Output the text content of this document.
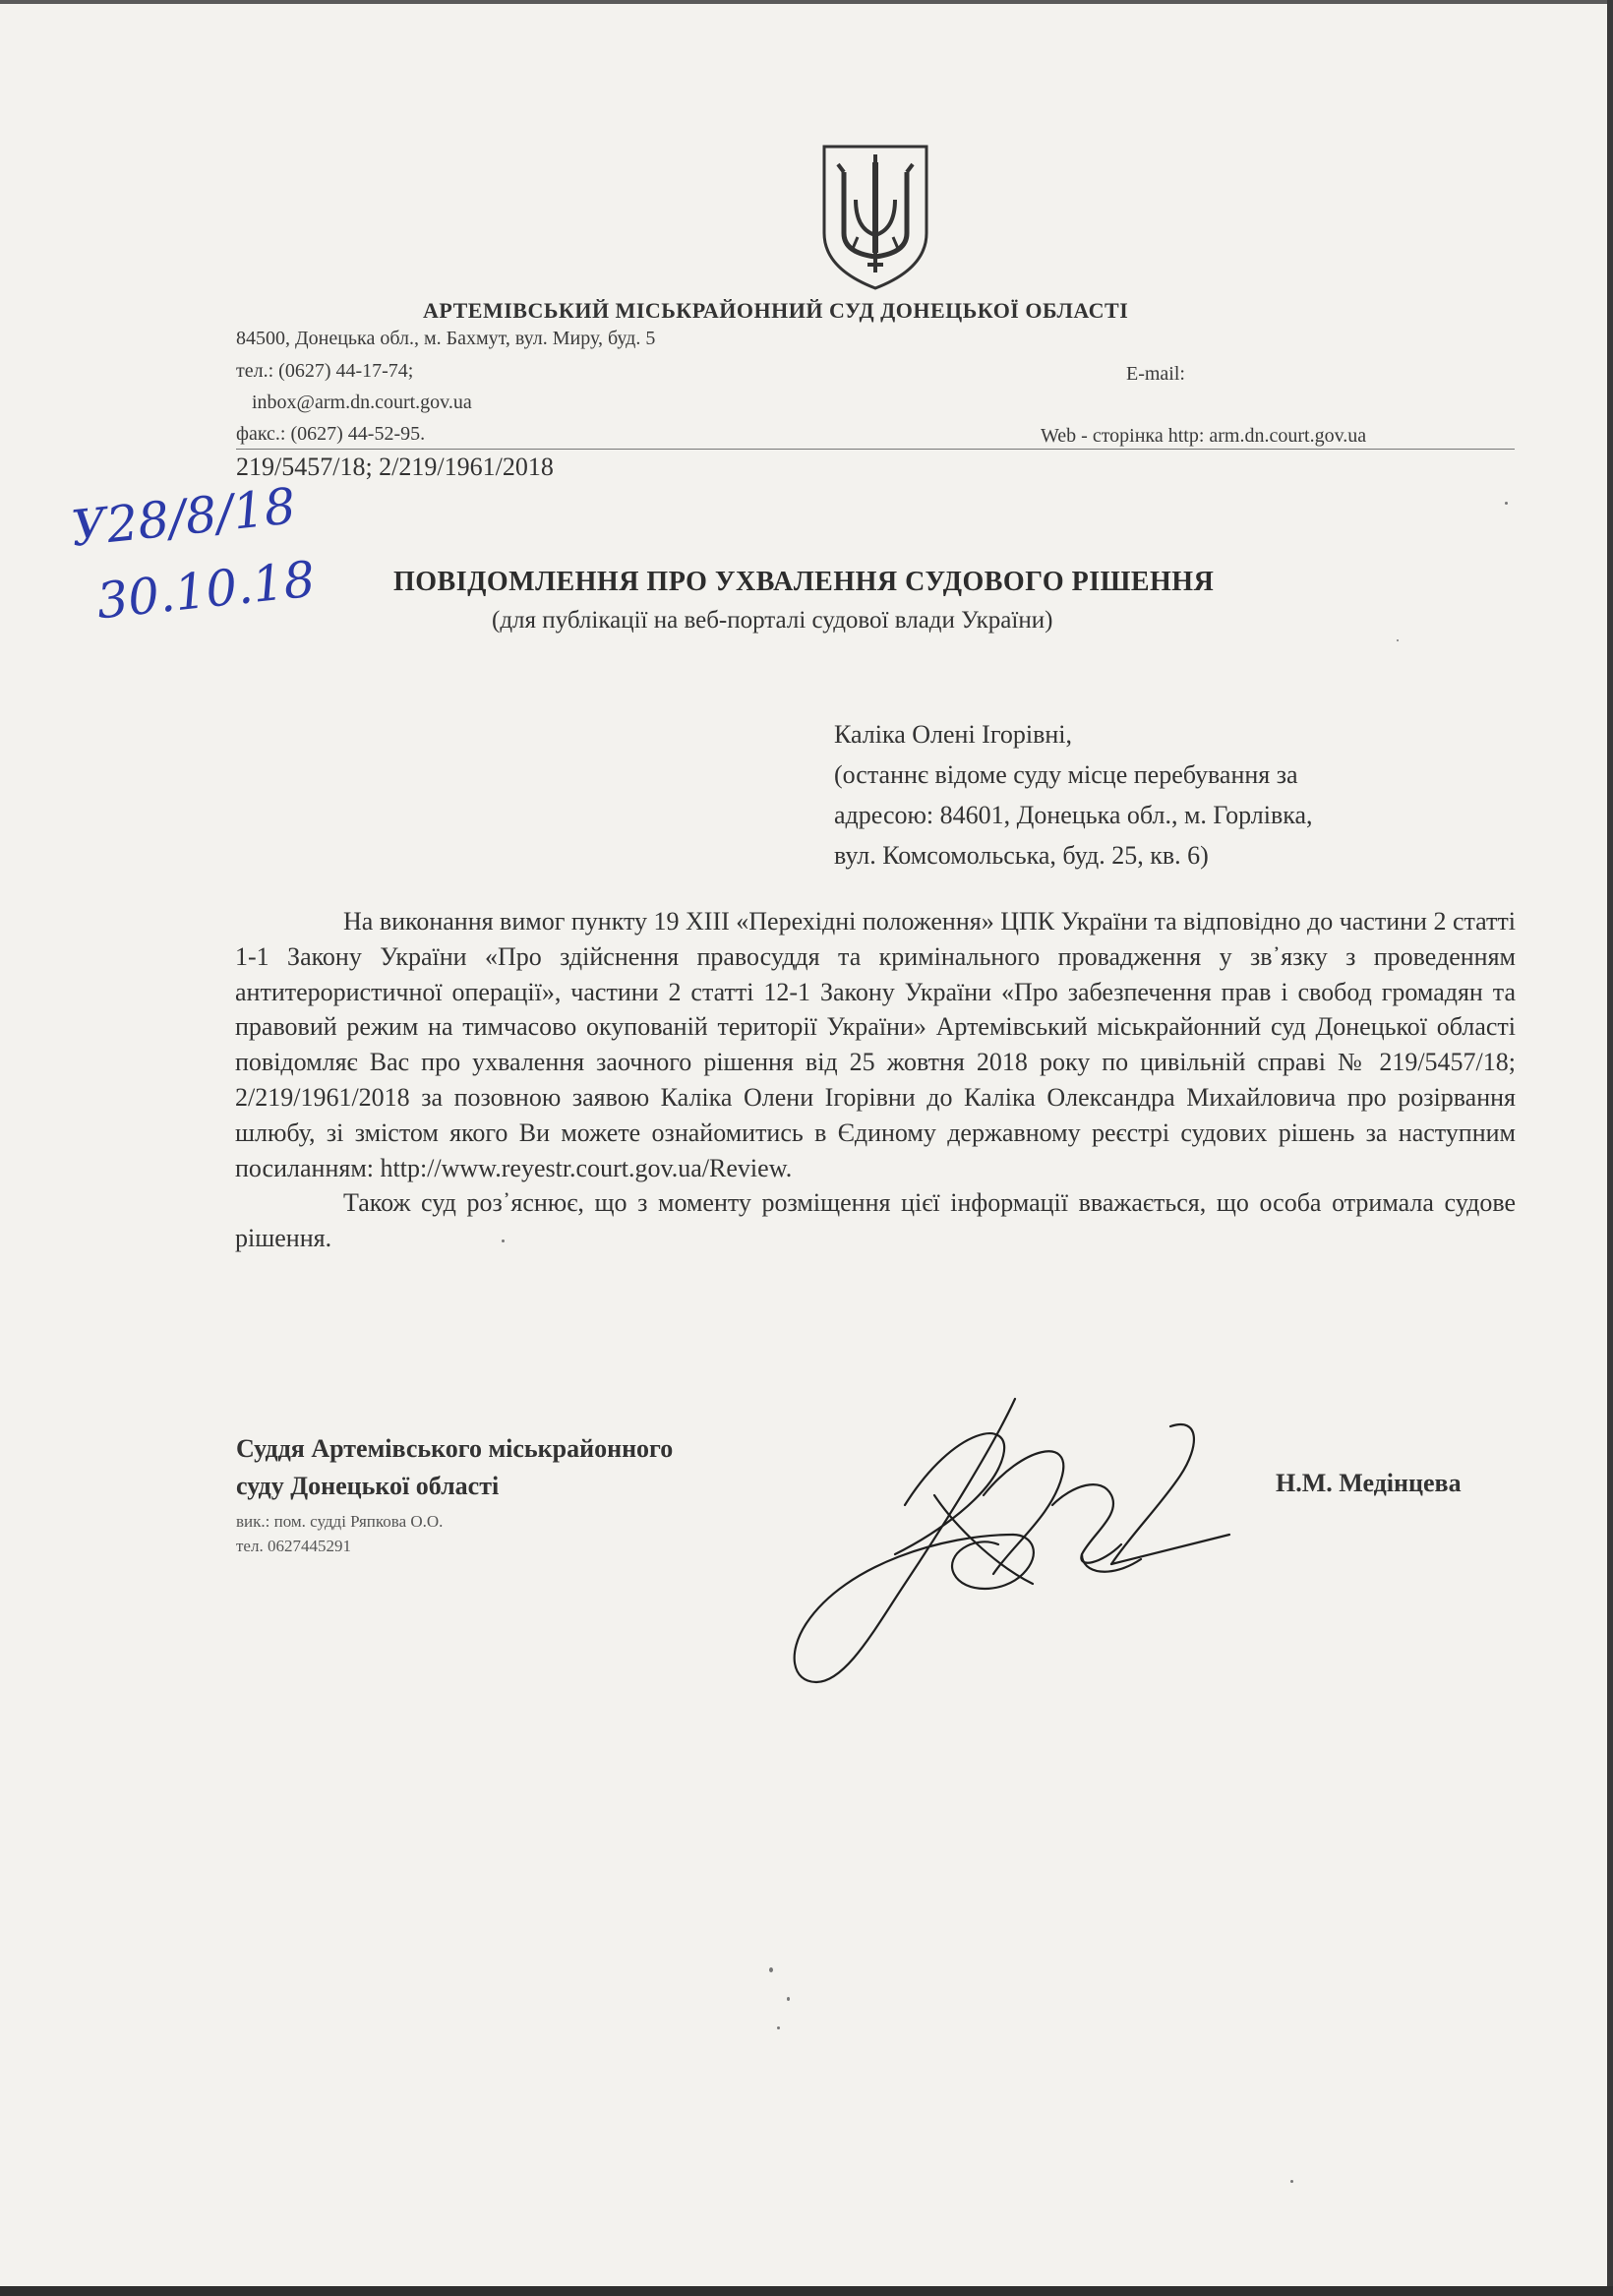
АРТЕМІВСЬКИЙ МІСЬКРАЙОННИЙ СУД ДОНЕЦЬКОЇ ОБЛАСТІ
84500, Донецька обл., м. Бахмут, вул. Миру, буд. 5
тел.: (0627) 44-17-74;	E-mail:
inbox@arm.dn.court.gov.ua
факс.: (0627) 44-52-95.	Web - сторінка http: arm.dn.court.gov.ua
219/5457/18; 2/219/1961/2018
У28/8/18
30.10.18	ПОВІДОМЛЕННЯ ПРО УХВАЛЕННЯ СУДОВОГО РІШЕННЯ
(для публікації на веб-порталі судової влади України)
Каліка Олені Ігорівні,
(останнє відоме суду місце перебування за
адресою: 84601, Донецька обл., м. Горлівка,
вул. Комсомольська, буд. 25, кв. 6)

На виконання вимог пункту 19 XIII «Перехідні положення» ЦПК України та відповідно до частини 2 статті 1-1 Закону України «Про здійснення правосуддя та кримінального провадження у зв᾿язку з проведенням антитерористичної операції», частини 2 статті 12-1 Закону України «Про забезпечення прав і свобод громадян та правовий режим на тимчасово окупованій території України» Артемівський міськрайонний суд Донецької області повідомляє Вас про ухвалення заочного рішення від 25 жовтня 2018 року по цивільній справі № 219/5457/18; 2/219/1961/2018 за позовною заявою Каліка Олени Ігорівни до Каліка Олександра Михайловича про розірвання шлюбу, зі змістом якого Ви можете ознайомитись в Єдиному державному реєстрі судових рішень за наступним посиланням: http://www.reyestr.court.gov.ua/Review.

Також суд роз᾿яснює, що з моменту розміщення цієї інформації вважається, що особа отримала судове рішення.

Суддя Артемівського міськрайонного
суду Донецької області
вик.: пом. судді Ряпкова О.О.
тел. 0627445291
Н.М. Медінцева
